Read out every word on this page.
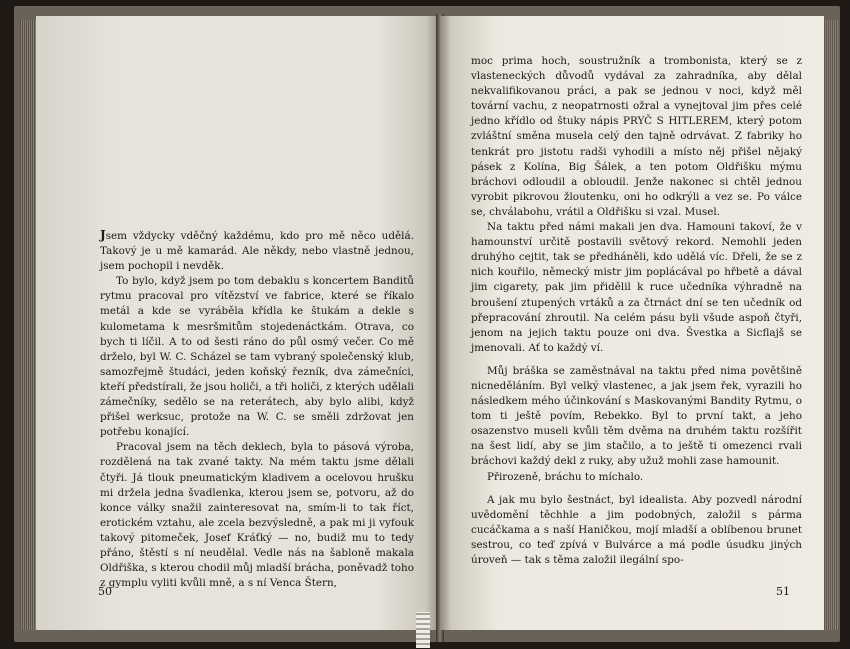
Jsem vždycky vděčný každému, kdo pro mě něco udělá. Takový je u mě kamarád. Ale někdy, nebo vlastně jednou, jsem pochopil i nevděk.

To bylo, když jsem po tom debaklu s koncertem Banditů rytmu pracoval pro vítězství ve fabrice, které se říkalo metál a kde se vyráběla křídla ke štukám a dekle s kulometama k mesršmitům stojedenáctkám. Otrava, co bych ti líčil. A to od šesti ráno do půl osmý večer. Co mě drželo, byl W. C. Scházel se tam vybraný společenský klub, samozřejmě študáci, jeden koňský řezník, dva zámečníci, kteří předstírali, že jsou holiči, a tři holiči, z kterých udělali zámečníky, sedělo se na reterátech, aby bylo alibi, když přišel werksuc, protože na W. C. se směli zdržovat jen potřebu konající.

Pracoval jsem na těch deklech, byla to pásová výroba, rozdělená na tak zvané takty. Na mém taktu jsme dělali čtyři. Já tlouk pneumatickým kladivem a ocelovou hrušku mi držela jedna švadlenka, kterou jsem se, potvoru, až do konce války snažil zainteresovat na, smím-li to tak říct, erotickém vztahu, ale zcela bezvýsledně, a pak mi ji vyfouk takový pitomeček, Josef Kráťký — no, budiž mu to tedy přáno, štěstí s ní neudělal. Vedle nás na šabloně makala Oldřiška, s kterou chodil můj mladší brácha, poněvadž toho z gymplu vyliti kvůli mně, a s ní Venca Štern,

50

moc prima hoch, soustružník a trombonista, který se z vlasteneckých důvodů vydával za zahradníka, aby dělal nekvalifikovanou práci, a pak se jednou v noci, když měl tovární vachu, z neopatrnosti ožral a vynejtoval jim přes celé jedno křídlo od štuky nápis PRYČ S HITLEREM, který potom zvláštní směna musela celý den tajně odrvávat. Z fabriky ho tenkrát pro jistotu radši vyhodili a místo něj přišel nějaký pásek z Kolína, Big Šálek, a ten potom Oldřišku mýmu bráchovi odloudil a obloudil. Jenže nakonec si chtěl jednou vyrobit pikrovou žloutenku, oni ho odkrýli a vez se. Po válce se, chválabohu, vrátil a Oldřišku si vzal. Musel.

Na taktu před námi makali jen dva. Hamouni takoví, že v hamounství určitě postavili světový rekord. Nemohli jeden druhýho cejtit, tak se předháněli, kdo udělá víc. Dřeli, že se z nich kouřilo, německý mistr jim poplácával po hřbetě a dával jim cigarety, pak jim přidělil k ruce učedníka výhradně na broušení ztupených vrtáků a za čtrnáct dní se ten učedník od přepracování zhroutil. Na celém pásu byli všude aspoň čtyři, jenom na jejich taktu pouze oni dva. Švestka a Sicflajš se jmenovali. Ať to každý ví.

Můj bráška se zaměstnával na taktu před nima povětšině nicneděláním. Byl velký vlastenec, a jak jsem řek, vyrazili ho následkem mého účinkování s Maskovanými Bandity Rytmu, o tom ti ještě povím, Rebekko. Byl to první takt, a jeho osazenstvo museli kvůli těm dvěma na druhém taktu rozšířit na šest lidí, aby se jim stačilo, a to ještě ti omezenci rvali bráchovi každý dekl z ruky, aby užuž mohli zase hamounit.

Přirozeně, bráchu to míchalo.

A jak mu bylo šestnáct, byl idealista. Aby pozvedl národní uvědomění těchhle a jim podobných, založil s párma cucáčkama a s naší Haničkou, mojí mladší a oblíbenou brunet sestrou, co teď zpívá v Bulvárce a má podle úsudku jiných úroveň — tak s těma založil ilegální spo-

51
